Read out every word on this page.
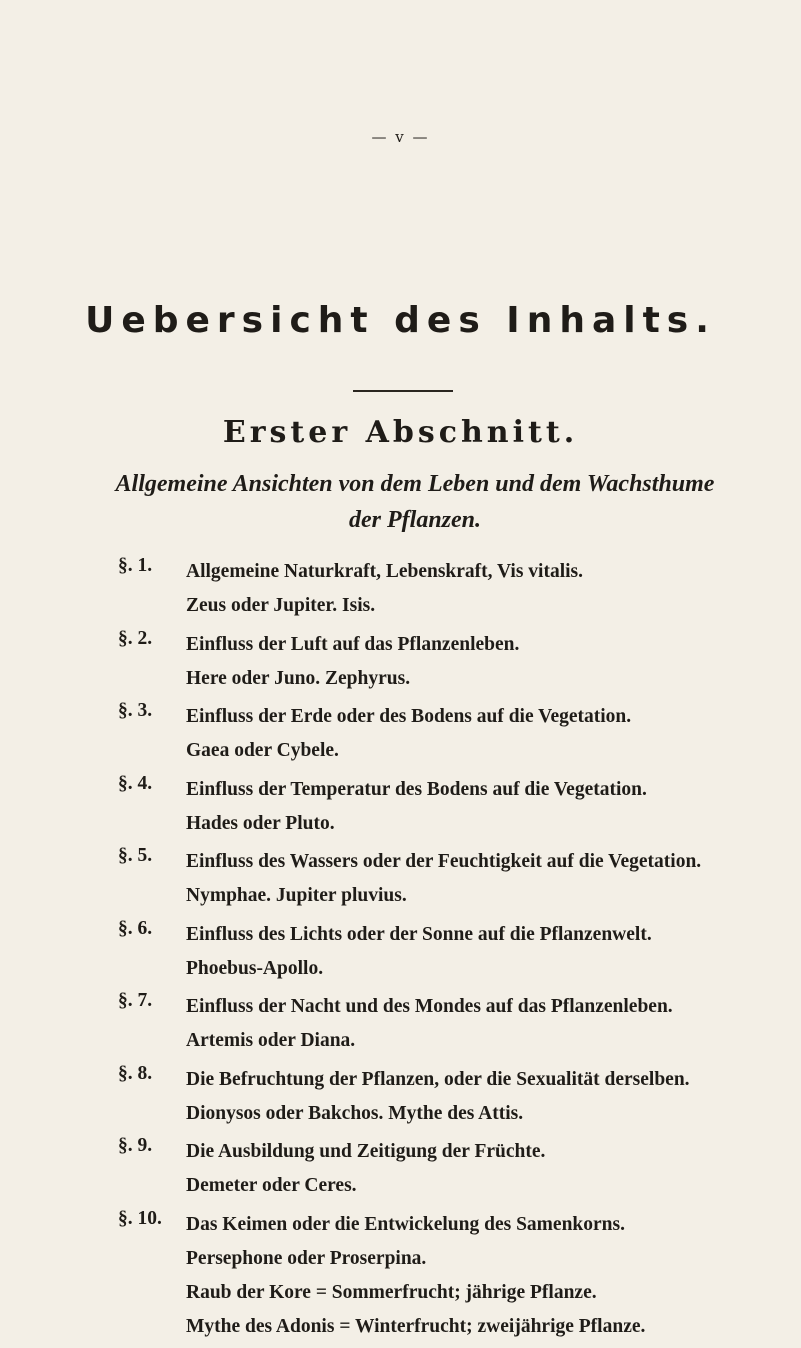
— v —
Uebersicht des Inhalts.
Erster Abschnitt.
Allgemeine Ansichten von dem Leben und dem Wachsthume
der Pflanzen.
§. 1.	Allgemeine Naturkraft, Lebenskraft, Vis vitalis.
Zeus oder Jupiter. Isis.
§. 2.	Einfluss der Luft auf das Pflanzenleben.
Here oder Juno. Zephyrus.
§. 3.	Einfluss der Erde oder des Bodens auf die Vegetation.
Gaea oder Cybele.
§. 4.	Einfluss der Temperatur des Bodens auf die Vegetation.
Hades oder Pluto.
§. 5.	Einfluss des Wassers oder der Feuchtigkeit auf die Vegetation.
Nymphae. Jupiter pluvius.
§. 6.	Einfluss des Lichts oder der Sonne auf die Pflanzenwelt.
Phoebus-Apollo.
§. 7.	Einfluss der Nacht und des Mondes auf das Pflanzenleben.
Artemis oder Diana.
§. 8.	Die Befruchtung der Pflanzen, oder die Sexualität derselben.
Dionysos oder Bakchos. Mythe des Attis.
§. 9.	Die Ausbildung und Zeitigung der Früchte.
Demeter oder Ceres.
§. 10.	Das Keimen oder die Entwickelung des Samenkorns.
Persephone oder Proserpina.
Raub der Kore = Sommerfrucht; jährige Pflanze.
Mythe des Adonis = Winterfrucht; zweijährige Pflanze.
